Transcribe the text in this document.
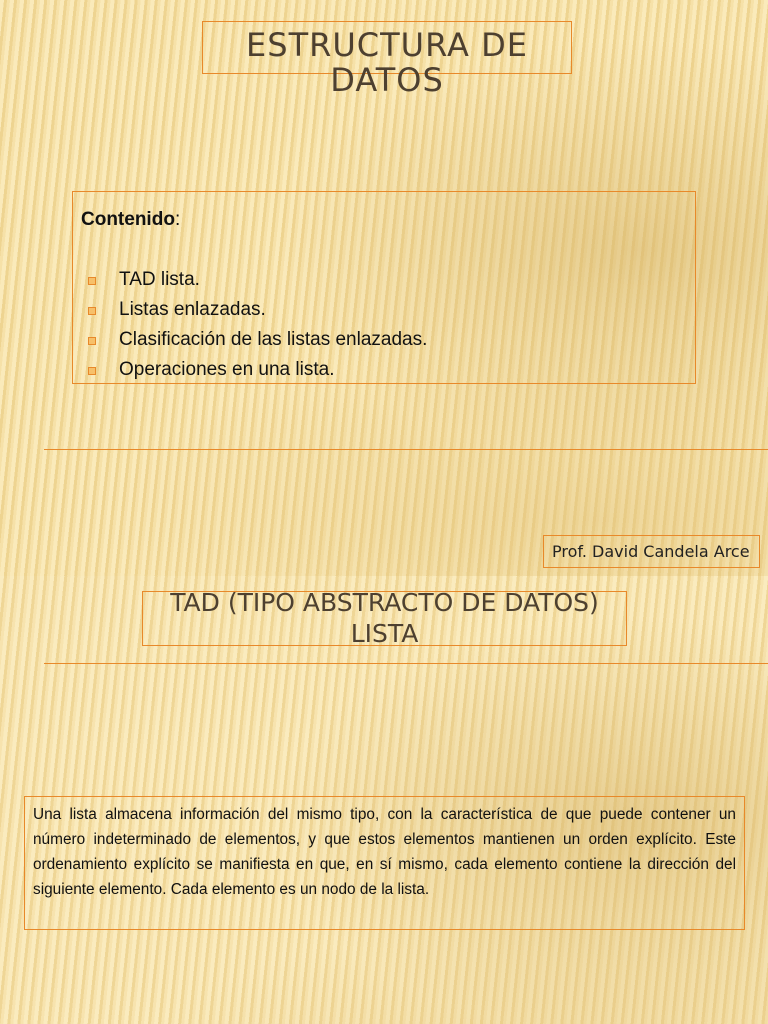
ESTRUCTURA DE DATOS
Contenido:
TAD lista.
Listas enlazadas.
Clasificación de las listas enlazadas.
Operaciones en una lista.
Prof. David Candela Arce
TAD (TIPO ABSTRACTO DE DATOS) LISTA
Una lista almacena información del mismo tipo, con la característica de que puede contener un número indeterminado de elementos, y que estos elementos mantienen un orden explícito. Este ordenamiento explícito se manifiesta en que, en sí mismo, cada elemento contiene la dirección del siguiente elemento. Cada elemento es un nodo de la lista.
